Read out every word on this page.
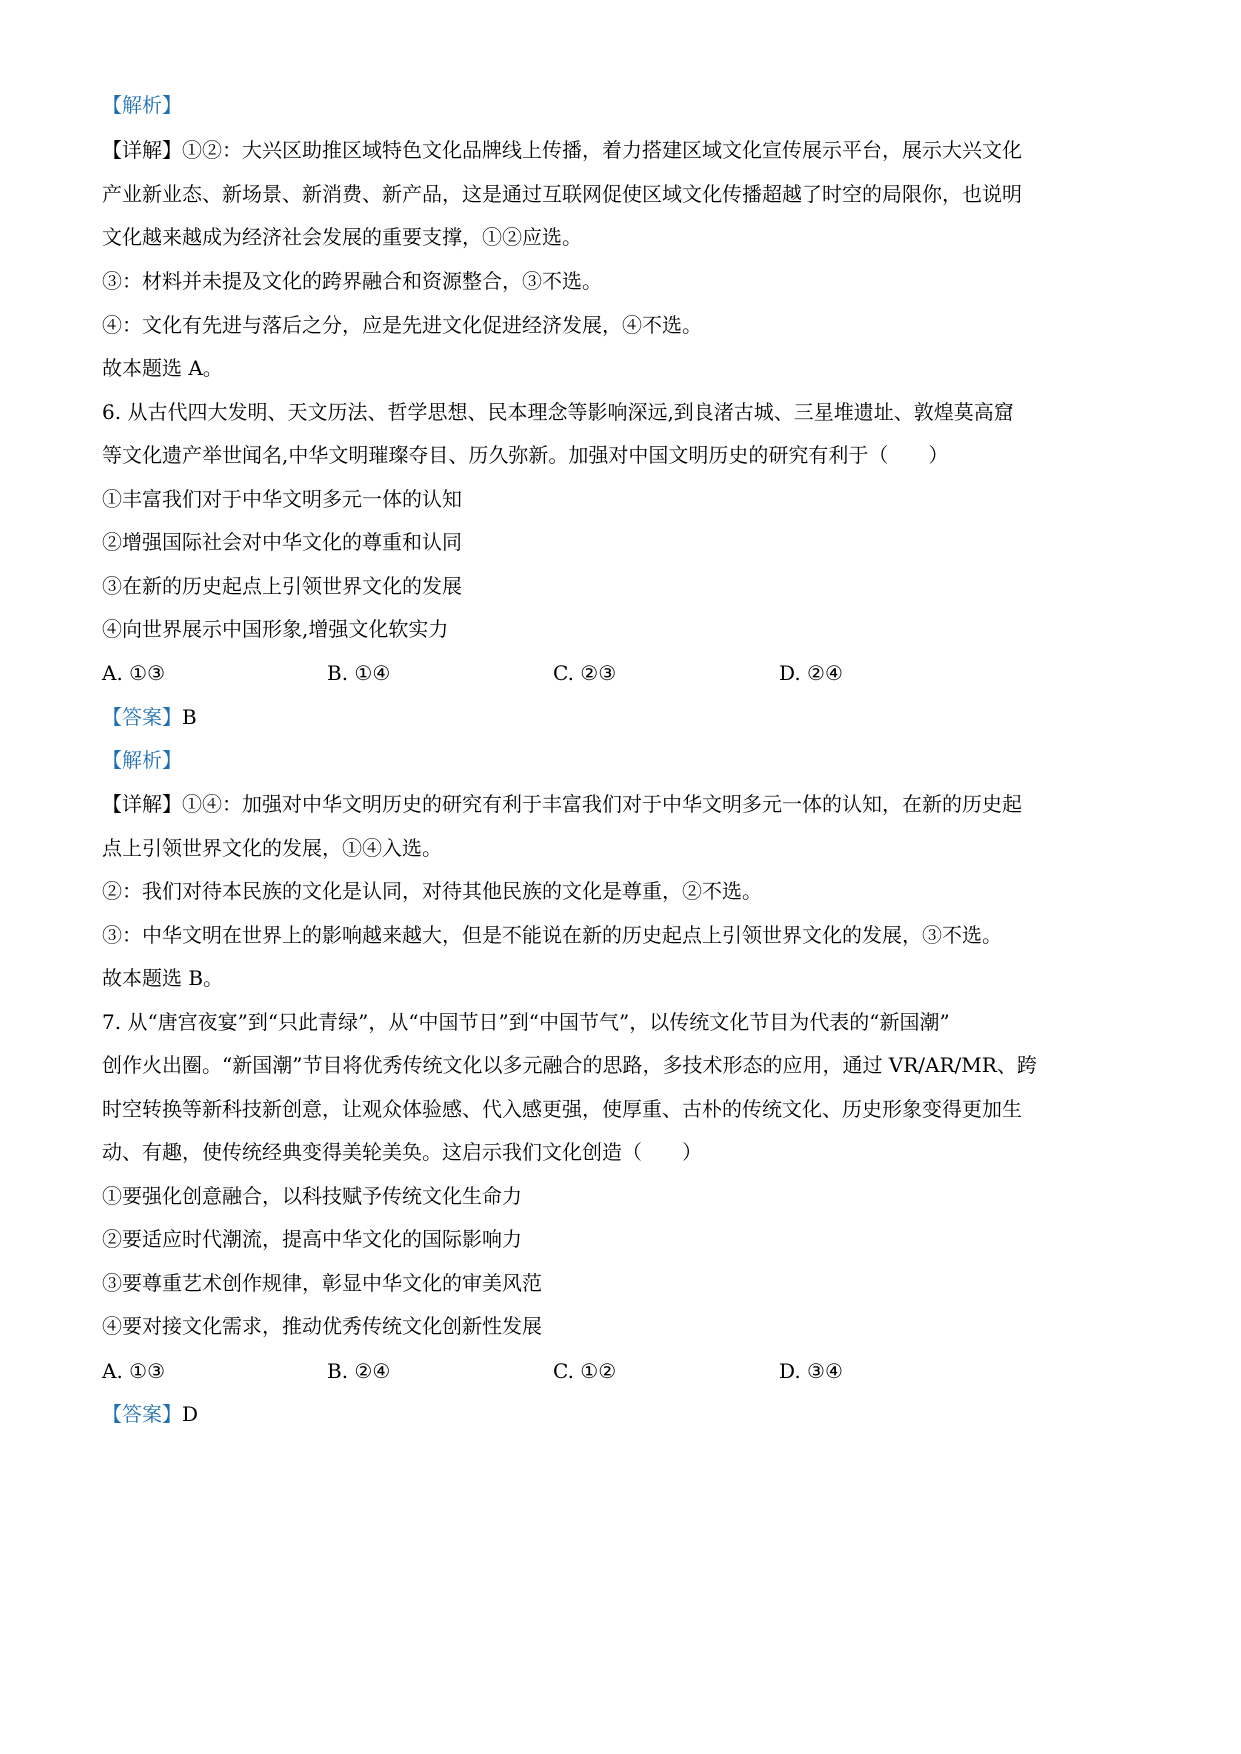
【解析】
【详解】①②：大兴区助推区域特色文化品牌线上传播，着力搭建区域文化宣传展示平台，展示大兴文化
产业新业态、新场景、新消费、新产品，这是通过互联网促使区域文化传播超越了时空的局限你，也说明
文化越来越成为经济社会发展的重要支撑，①②应选。
③：材料并未提及文化的跨界融合和资源整合，③不选。
④：文化有先进与落后之分，应是先进文化促进经济发展，④不选。
故本题选 A。
6. 从古代四大发明、天文历法、哲学思想、民本理念等影响深远,到良渚古城、三星堆遗址、敦煌莫高窟
等文化遗产举世闻名,中华文明璀璨夺目、历久弥新。加强对中国文明历史的研究有利于（　　）
①丰富我们对于中华文明多元一体的认知
②增强国际社会对中华文化的尊重和认同
③在新的历史起点上引领世界文化的发展
④向世界展示中国形象,增强文化软实力
A. ①③	B. ①④	C. ②③	D. ②④
【答案】B
【解析】
【详解】①④：加强对中华文明历史的研究有利于丰富我们对于中华文明多元一体的认知，在新的历史起
点上引领世界文化的发展，①④入选。
②：我们对待本民族的文化是认同，对待其他民族的文化是尊重，②不选。
③：中华文明在世界上的影响越来越大，但是不能说在新的历史起点上引领世界文化的发展，③不选。
故本题选 B。
7. 从“唐宫夜宴”到“只此青绿”，从“中国节日”到“中国节气”，以传统文化节目为代表的“新国潮”
创作火出圈。“新国潮”节目将优秀传统文化以多元融合的思路，多技术形态的应用，通过 VR/AR/MR、跨
时空转换等新科技新创意，让观众体验感、代入感更强，使厚重、古朴的传统文化、历史形象变得更加生
动、有趣，使传统经典变得美轮美奂。这启示我们文化创造（　　）
①要强化创意融合，以科技赋予传统文化生命力
②要适应时代潮流，提高中华文化的国际影响力
③要尊重艺术创作规律，彰显中华文化的审美风范
④要对接文化需求，推动优秀传统文化创新性发展
A. ①③	B. ②④	C. ①②	D. ③④
【答案】D
